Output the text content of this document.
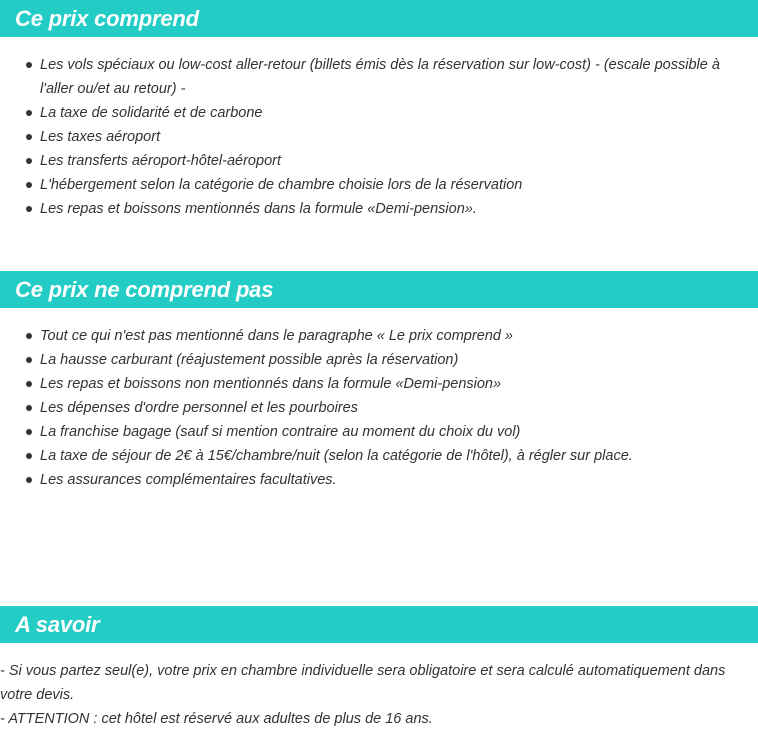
Ce prix comprend
Les vols spéciaux ou low-cost aller-retour (billets émis dès la réservation sur low-cost) - (escale possible à l'aller ou/et au retour) -
La taxe de solidarité et de carbone
Les taxes aéroport
Les transferts aéroport-hôtel-aéroport
L'hébergement selon la catégorie de chambre choisie lors de la réservation
Les repas et boissons mentionnés dans la formule «Demi-pension».
Ce prix ne comprend pas
Tout ce qui n'est pas mentionné dans le paragraphe « Le prix comprend »
La hausse carburant (réajustement possible après la réservation)
Les repas et boissons non mentionnés dans la formule «Demi-pension»
Les dépenses d'ordre personnel et les pourboires
La franchise bagage (sauf si mention contraire au moment du choix du vol)
La taxe de séjour de 2€ à 15€/chambre/nuit (selon la catégorie de l'hôtel), à régler sur place.
Les assurances complémentaires facultatives.
A savoir

- Si vous partez seul(e), votre prix en chambre individuelle sera obligatoire et sera calculé automatiquement dans votre devis.

- ATTENTION : cet hôtel est réservé aux adultes de plus de 16 ans.
